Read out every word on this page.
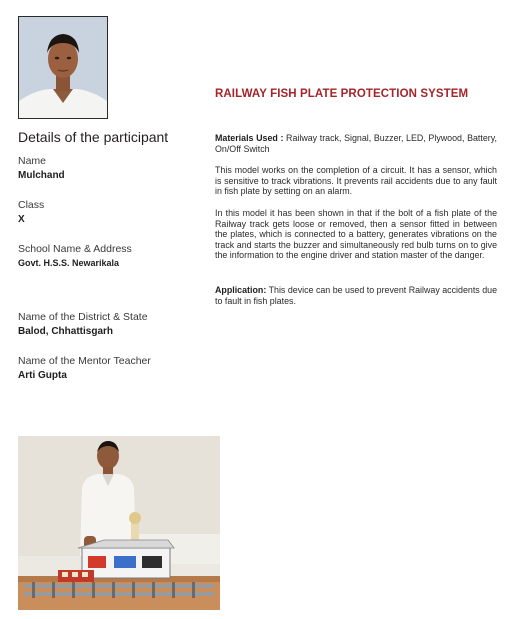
RAILWAY FISH PLATE PROTECTION SYSTEM
Details of the participant
Name
Mulchand
Class
X
School Name & Address
Govt. H.S.S. Newarikala
Name of the District & State
Balod, Chhattisgarh
Name of the Mentor Teacher
Arti Gupta

Materials Used : Railway track, Signal, Buzzer, LED, Plywood, Battery, On/Off Switch

This model works on the completion of a circuit. It has a sensor, which is sensitive to track vibrations. It prevents rail accidents due to any fault in fish plate by setting on an alarm.

In this model it has been shown in that if the bolt of a fish plate of the Railway track gets loose or removed, then a sensor fitted in between the plates, which is connected to a battery, generates vibrations on the track and starts the buzzer and simultaneously red bulb turns on to give the information to the engine driver and station master of the danger.

Application: This device can be used to prevent Railway accidents due to fault in fish plates.
